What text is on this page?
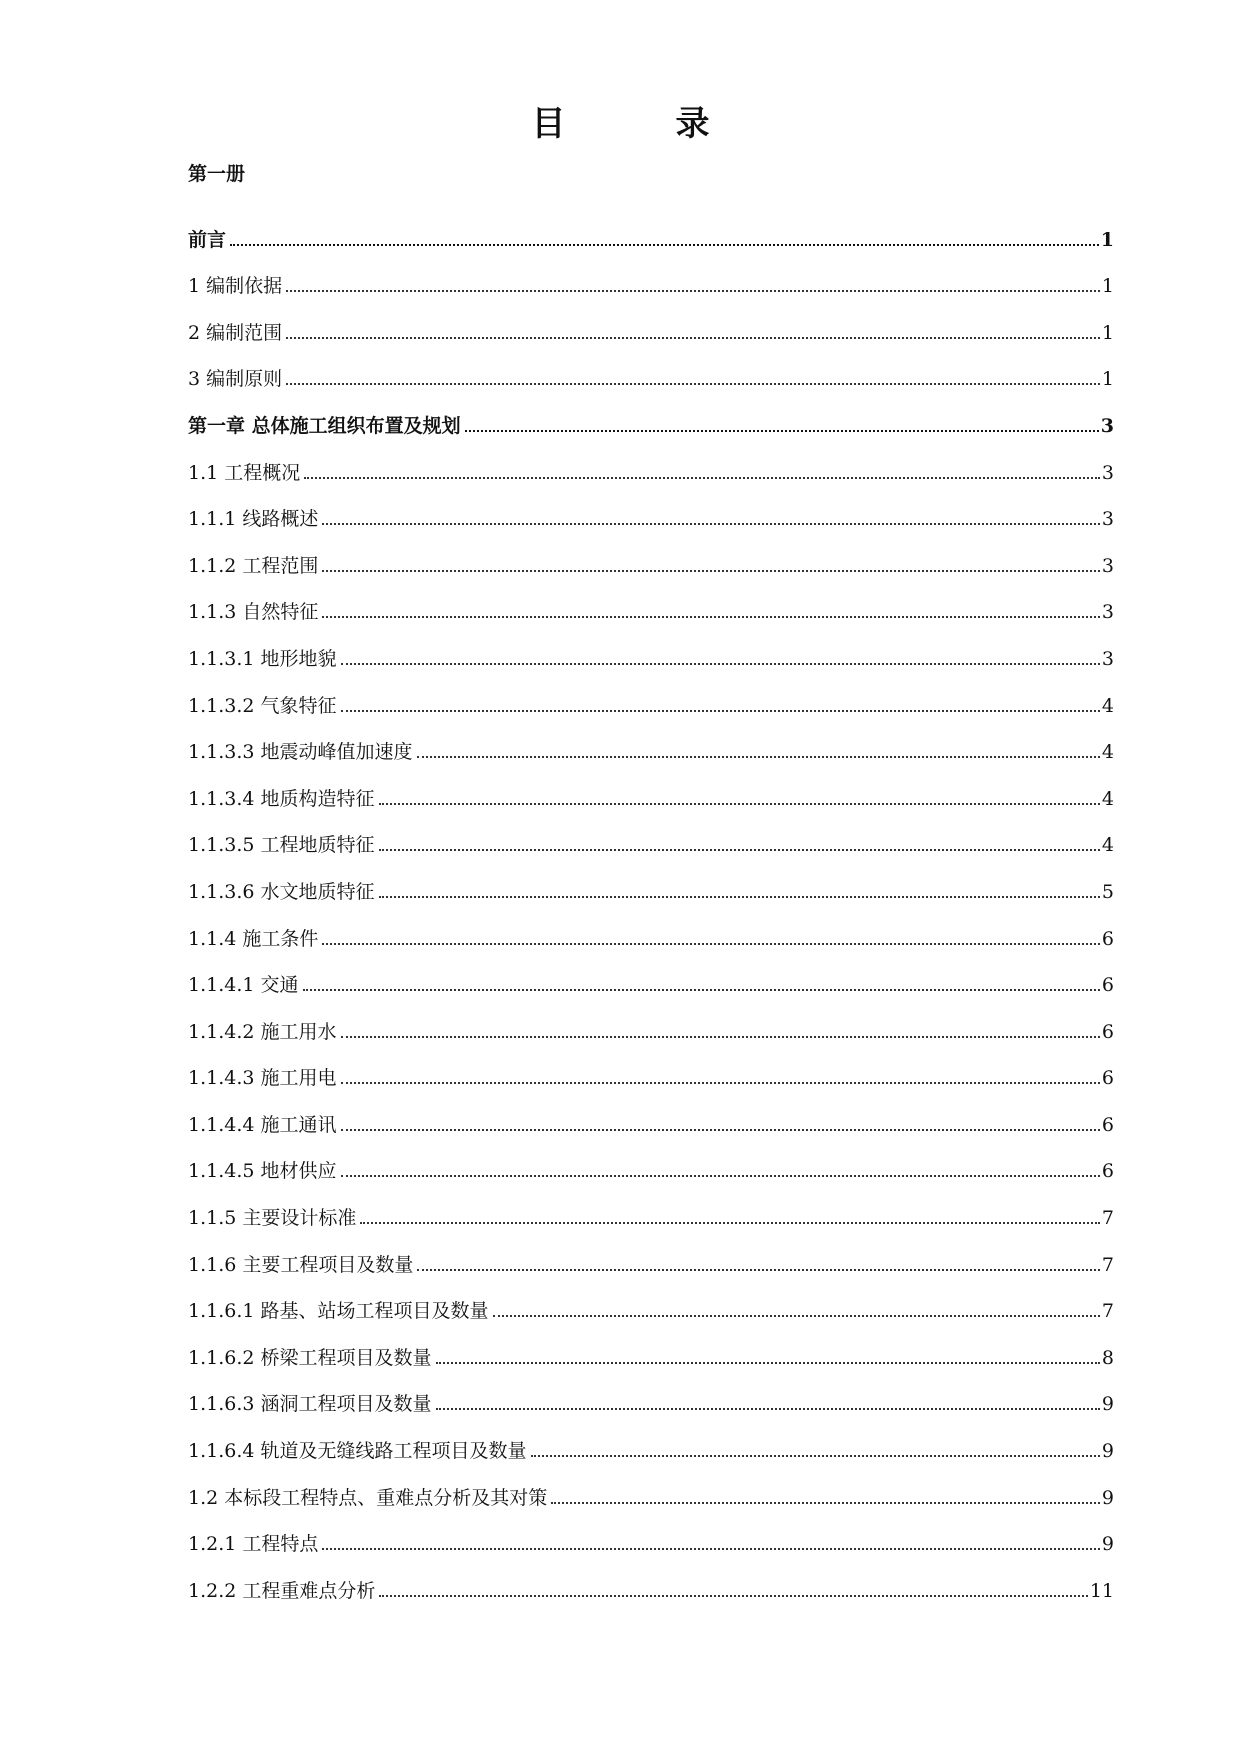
目　录
第一册
前言	1
1 编制依据	1
2 编制范围	1
3 编制原则	1
第一章 总体施工组织布置及规划	3
1.1 工程概况	3
1.1.1 线路概述	3
1.1.2 工程范围	3
1.1.3 自然特征	3
1.1.3.1 地形地貌	3
1.1.3.2 气象特征	4
1.1.3.3 地震动峰值加速度	4
1.1.3.4 地质构造特征	4
1.1.3.5 工程地质特征	4
1.1.3.6 水文地质特征	5
1.1.4 施工条件	6
1.1.4.1 交通	6
1.1.4.2 施工用水	6
1.1.4.3 施工用电	6
1.1.4.4 施工通讯	6
1.1.4.5 地材供应	6
1.1.5 主要设计标准	7
1.1.6 主要工程项目及数量	7
1.1.6.1 路基、站场工程项目及数量	7
1.1.6.2 桥梁工程项目及数量	8
1.1.6.3 涵洞工程项目及数量	9
1.1.6.4 轨道及无缝线路工程项目及数量	9
1.2 本标段工程特点、重难点分析及其对策	9
1.2.1 工程特点	9
1.2.2 工程重难点分析	11
